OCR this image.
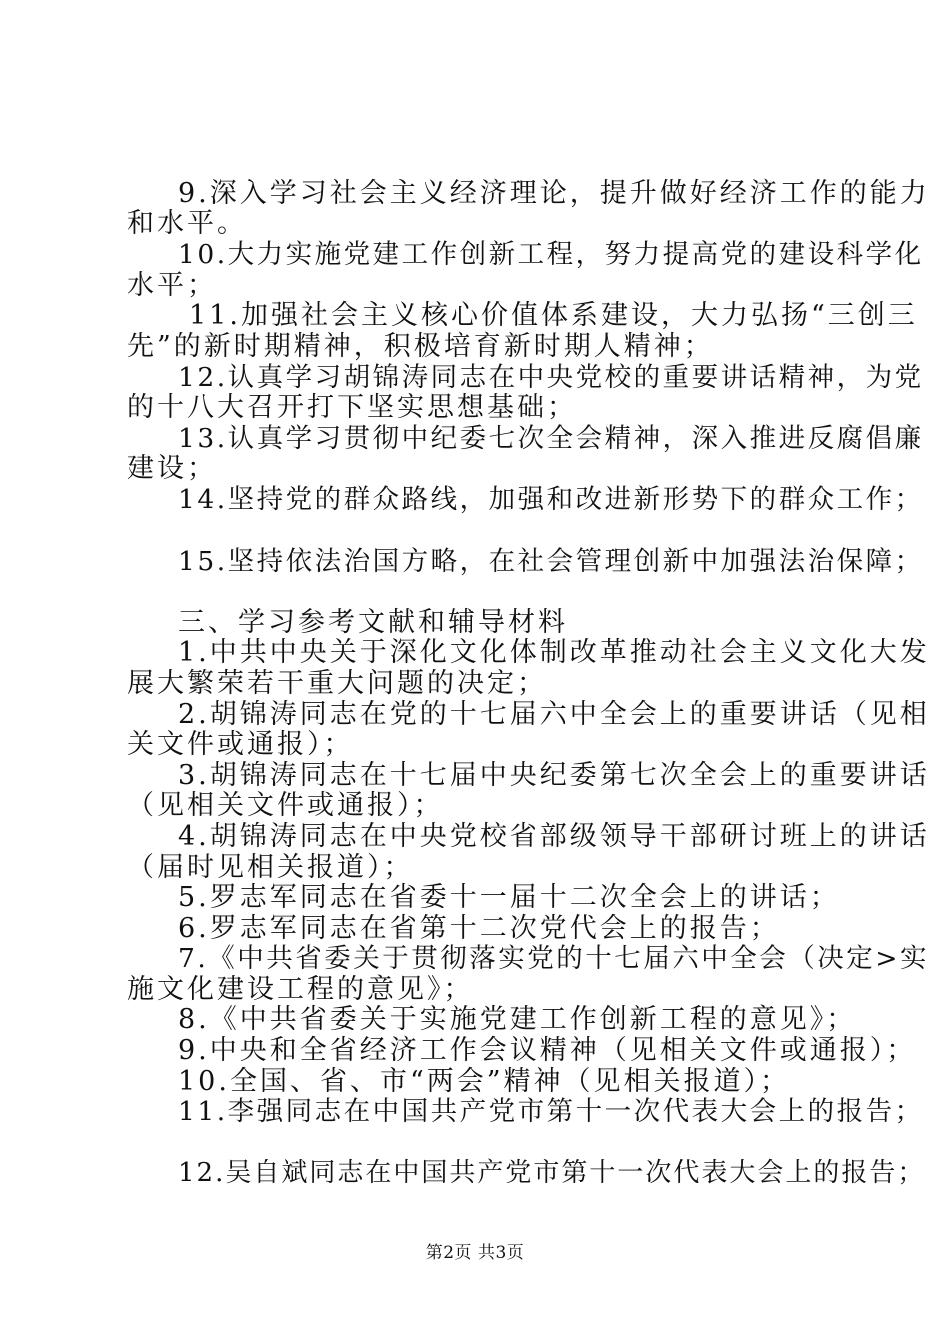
9.深入学习社会主义经济理论，提升做好经济工作的能力
和水平。
10.大力实施党建工作创新工程，努力提高党的建设科学化
水平；
11.加强社会主义核心价值体系建设，大力弘扬“三创三
先”的新时期精神，积极培育新时期人精神；
12.认真学习胡锦涛同志在中央党校的重要讲话精神，为党
的十八大召开打下坚实思想基础；
13.认真学习贯彻中纪委七次全会精神，深入推进反腐倡廉
建设；
14.坚持党的群众路线，加强和改进新形势下的群众工作；
15.坚持依法治国方略，在社会管理创新中加强法治保障；
三、学习参考文献和辅导材料
1.中共中央关于深化文化体制改革推动社会主义文化大发
展大繁荣若干重大问题的决定；
2.胡锦涛同志在党的十七届六中全会上的重要讲话（见相
关文件或通报）；
3.胡锦涛同志在十七届中央纪委第七次全会上的重要讲话
（见相关文件或通报）；
4.胡锦涛同志在中央党校省部级领导干部研讨班上的讲话
（届时见相关报道）；
5.罗志军同志在省委十一届十二次全会上的讲话；
6.罗志军同志在省第十二次党代会上的报告；
7.《中共省委关于贯彻落实党的十七届六中全会（决定>实
施文化建设工程的意见》；
8.《中共省委关于实施党建工作创新工程的意见》；
9.中央和全省经济工作会议精神（见相关文件或通报）；
10.全国、省、市“两会”精神（见相关报道）；
11.李强同志在中国共产党市第十一次代表大会上的报告；
12.吴自斌同志在中国共产党市第十一次代表大会上的报告；
第2页 共3页
